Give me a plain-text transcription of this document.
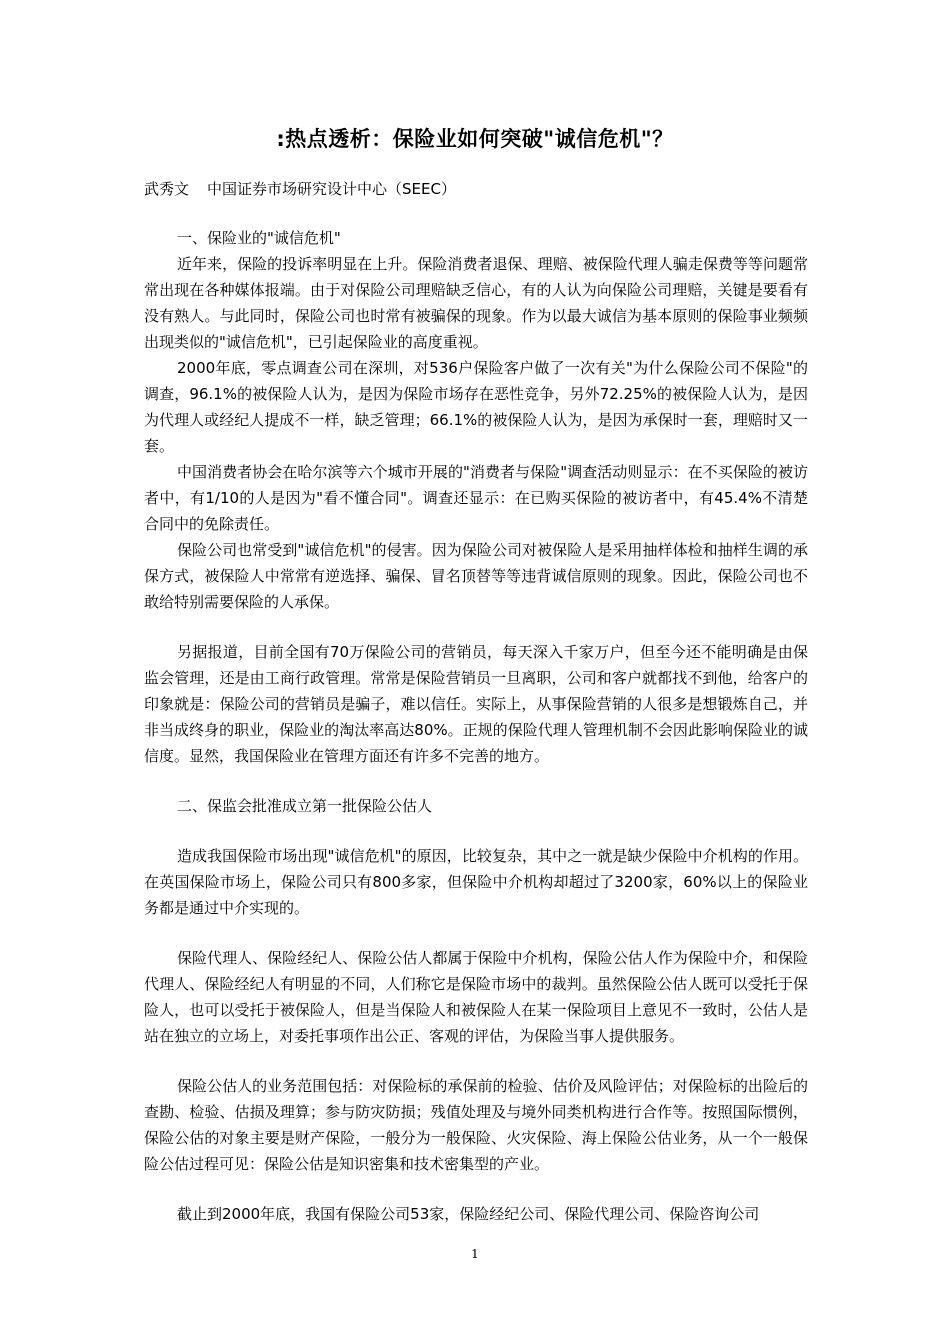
:热点透析：保险业如何突破"诚信危机"？
武秀文 中国证券市场研究设计中心（SEEC）

一、保险业的"诚信危机"

近年来，保险的投诉率明显在上升。保险消费者退保、理赔、被保险代理人骗走保费等等问题常常出现在各种媒体报端。由于对保险公司理赔缺乏信心，有的人认为向保险公司理赔，关键是要看有没有熟人。与此同时，保险公司也时常有被骗保的现象。作为以最大诚信为基本原则的保险事业频频出现类似的"诚信危机"，已引起保险业的高度重视。

2000年底，零点调查公司在深圳，对536户保险客户做了一次有关"为什么保险公司不保险"的调查，96.1%的被保险人认为，是因为保险市场存在恶性竞争，另外72.25%的被保险人认为，是因为代理人或经纪人提成不一样，缺乏管理；66.1%的被保险人认为，是因为承保时一套，理赔时又一套。

中国消费者协会在哈尔滨等六个城市开展的"消费者与保险"调查活动则显示：在不买保险的被访者中，有1/10的人是因为"看不懂合同"。调查还显示：在已购买保险的被访者中，有45.4%不清楚合同中的免除责任。

保险公司也常受到"诚信危机"的侵害。因为保险公司对被保险人是采用抽样体检和抽样生调的承保方式，被保险人中常常有逆选择、骗保、冒名顶替等等违背诚信原则的现象。因此，保险公司也不敢给特别需要保险的人承保。

另据报道，目前全国有70万保险公司的营销员，每天深入千家万户，但至今还不能明确是由保监会管理，还是由工商行政管理。常常是保险营销员一旦离职，公司和客户就都找不到他，给客户的印象就是：保险公司的营销员是骗子，难以信任。实际上，从事保险营销的人很多是想锻炼自己，并非当成终身的职业，保险业的淘汰率高达80%。正规的保险代理人管理机制不会因此影响保险业的诚信度。显然，我国保险业在管理方面还有许多不完善的地方。

二、保监会批准成立第一批保险公估人

造成我国保险市场出现"诚信危机"的原因，比较复杂，其中之一就是缺少保险中介机构的作用。在英国保险市场上，保险公司只有800多家，但保险中介机构却超过了3200家，60%以上的保险业务都是通过中介实现的。

保险代理人、保险经纪人、保险公估人都属于保险中介机构，保险公估人作为保险中介，和保险代理人、保险经纪人有明显的不同，人们称它是保险市场中的裁判。虽然保险公估人既可以受托于保险人，也可以受托于被保险人，但是当保险人和被保险人在某一保险项目上意见不一致时，公估人是站在独立的立场上，对委托事项作出公正、客观的评估，为保险当事人提供服务。

保险公估人的业务范围包括：对保险标的承保前的检验、估价及风险评估；对保险标的出险后的查勘、检验、估损及理算；参与防灾防损；残值处理及与境外同类机构进行合作等。按照国际惯例，保险公估的对象主要是财产保险，一般分为一般保险、火灾保险、海上保险公估业务，从一个一般保险公估过程可见：保险公估是知识密集和技术密集型的产业。

截止到2000年底，我国有保险公司53家，保险经纪公司、保险代理公司、保险咨询公司

1
